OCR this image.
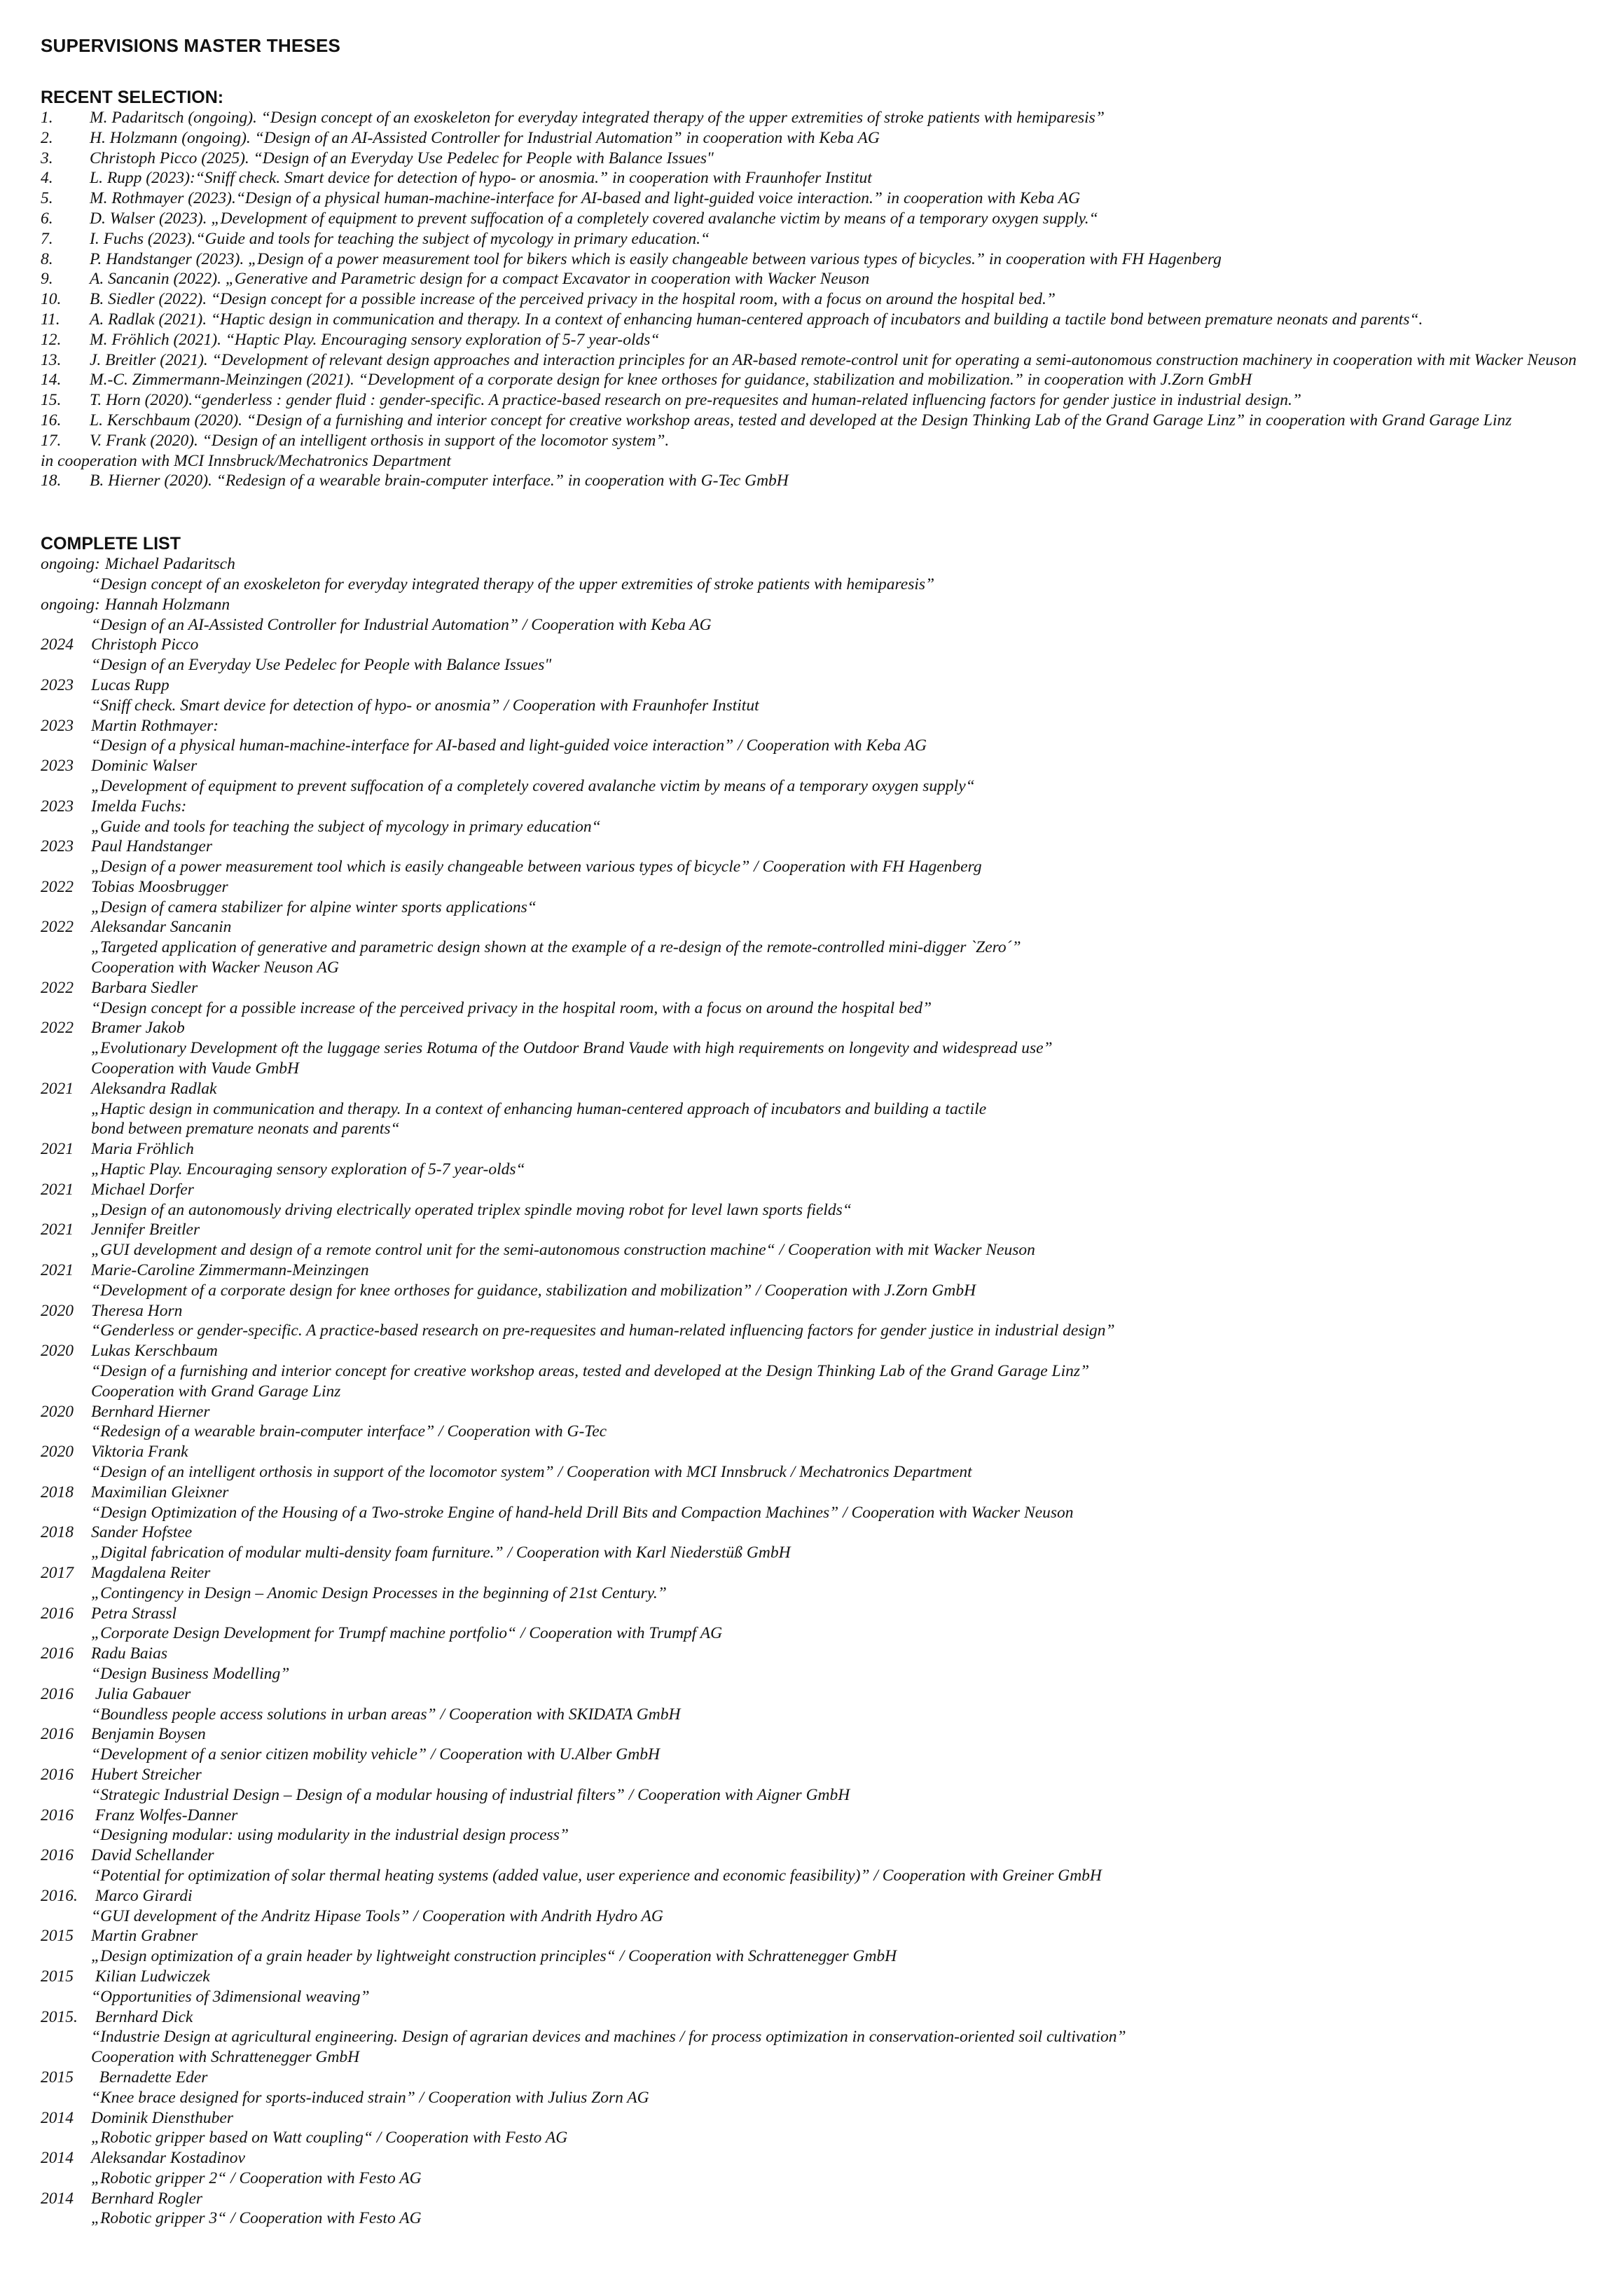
SUPERVISIONS MASTER THESES
RECENT SELECTION:
1.	M. Padaritsch (ongoing). “Design concept of an exoskeleton for everyday integrated therapy of the upper extremities of stroke patients with hemiparesis”
2.	H. Holzmann (ongoing). “Design of an AI-Assisted Controller for Industrial Automation” in cooperation with Keba AG
3.	Christoph Picco (2025). “Design of an Everyday Use Pedelec for People with Balance Issues"
4.	L. Rupp (2023):“Sniff check. Smart device for detection of hypo- or anosmia.” in cooperation with Fraunhofer Institut
5.	M. Rothmayer (2023).“Design of a physical human-machine-interface for AI-based and light-guided voice interaction.” in cooperation with Keba AG
6.	D. Walser (2023). „Development of equipment to prevent suffocation of a completely covered avalanche victim by means of a temporary oxygen supply.“
7.	I. Fuchs (2023).“Guide and tools for teaching the subject of mycology in primary education.“
8.	P. Handstanger (2023). „Design of a power measurement tool for bikers which is easily changeable between various types of bicycles.” in cooperation with FH Hagenberg
9.	A. Sancanin (2022). „Generative and Parametric design for a compact Excavator in cooperation with Wacker Neuson
10.	B. Siedler (2022). “Design concept for a possible increase of the perceived privacy in the hospital room, with a focus on around the hospital bed.”
11.	A. Radlak (2021). “Haptic design in communication and therapy. In a context of enhancing human-centered approach of incubators and building a tactile bond between premature neonats and parents“.
12.	M. Fröhlich (2021). “Haptic Play. Encouraging sensory exploration of 5-7 year-olds“
13.	J. Breitler (2021). “Development of relevant design approaches and interaction principles for an AR-based remote-control unit for operating a semi-autonomous construction machinery in cooperation with mit Wacker Neuson
14.	M.-C. Zimmermann-Meinzingen (2021). “Development of a corporate design for knee orthoses for guidance, stabilization and mobilization.” in cooperation with J.Zorn GmbH
15.	T. Horn (2020).“genderless : gender fluid : gender-specific. A practice-based research on pre-requesites and human-related influencing factors for gender justice in industrial design.”
16.	L. Kerschbaum (2020). “Design of a furnishing and interior concept for creative workshop areas, tested and developed at the Design Thinking Lab of the Grand Garage Linz” in cooperation with Grand Garage Linz
17.	V. Frank (2020). “Design of an intelligent orthosis in support of the locomotor system”.
in cooperation with MCI Innsbruck/Mechatronics Department
18.	B. Hierner (2020). “Redesign of a wearable brain-computer interface.” in cooperation with G-Tec GmbH
COMPLETE LIST
ongoing: Michael Padaritsch
“Design concept of an exoskeleton for everyday integrated therapy of the upper extremities of stroke patients with hemiparesis”
ongoing: Hannah Holzmann
“Design of an AI-Assisted Controller for Industrial Automation” / Cooperation with Keba AG
2024	Christoph Picco
“Design of an Everyday Use Pedelec for People with Balance Issues"
2023	Lucas Rupp
“Sniff check. Smart device for detection of hypo- or anosmia” / Cooperation with Fraunhofer Institut
2023	Martin Rothmayer:
“Design of a physical human-machine-interface for AI-based and light-guided voice interaction” / Cooperation with Keba AG
2023	Dominic Walser
„Development of equipment to prevent suffocation of a completely covered avalanche victim by means of a temporary oxygen supply“
2023	Imelda Fuchs:
„Guide and tools for teaching the subject of mycology in primary education“
2023	Paul Handstanger
„Design of a power measurement tool which is easily changeable between various types of bicycle” / Cooperation with FH Hagenberg
2022	Tobias Moosbrugger
„Design of camera stabilizer for alpine winter sports applications“
2022	Aleksandar Sancanin
„Targeted application of generative and parametric design shown at the example of a re-design of the remote-controlled mini-digger `Zero´”
Cooperation with Wacker Neuson AG
2022	Barbara Siedler
“Design concept for a possible increase of the perceived privacy in the hospital room, with a focus on around the hospital bed”
2022	Bramer Jakob
„Evolutionary Development oft the luggage series Rotuma of the Outdoor Brand Vaude with high requirements on longevity and widespread use”
Cooperation with Vaude GmbH
2021	Aleksandra Radlak
„Haptic design in communication and therapy. In a context of enhancing human-centered approach of incubators and building a tactile
bond between premature neonats and parents“
2021	Maria Fröhlich
„Haptic Play. Encouraging sensory exploration of 5-7 year-olds“
2021	Michael Dorfer
„Design of an autonomously driving electrically operated triplex spindle moving robot for level lawn sports fields“
2021	Jennifer Breitler
„GUI development and design of a remote control unit for the semi-autonomous construction machine“ / Cooperation with mit Wacker Neuson
2021	Marie-Caroline Zimmermann-Meinzingen
“Development of a corporate design for knee orthoses for guidance, stabilization and mobilization” / Cooperation with J.Zorn GmbH
2020	Theresa Horn
“Genderless or gender-specific. A practice-based research on pre-requesites and human-related influencing factors for gender justice in industrial design”
2020	Lukas Kerschbaum
“Design of a furnishing and interior concept for creative workshop areas, tested and developed at the Design Thinking Lab of the Grand Garage Linz”
Cooperation with Grand Garage Linz
2020	Bernhard Hierner
“Redesign of a wearable brain-computer interface” / Cooperation with G-Tec
2020	Viktoria Frank
“Design of an intelligent orthosis in support of the locomotor system” / Cooperation with MCI Innsbruck / Mechatronics Department
2018	Maximilian Gleixner
“Design Optimization of the Housing of a Two-stroke Engine of hand-held Drill Bits and Compaction Machines” / Cooperation with Wacker Neuson
2018	Sander Hofstee
„Digital fabrication of modular multi-density foam furniture.” / Cooperation with Karl Niederstüß GmbH
2017	Magdalena Reiter
„Contingency in Design – Anomic Design Processes in the beginning of 21st Century.”
2016	Petra Strassl
„Corporate Design Development for Trumpf machine portfolio“ / Cooperation with Trumpf AG
2016	Radu Baias
“Design Business Modelling”
2016	Julia Gabauer
“Boundless people access solutions in urban areas” / Cooperation with SKIDATA GmbH
2016	Benjamin Boysen
“Development of a senior citizen mobility vehicle” / Cooperation with U.Alber GmbH
2016	Hubert Streicher
“Strategic Industrial Design – Design of a modular housing of industrial filters” / Cooperation with Aigner GmbH
2016	Franz Wolfes-Danner
“Designing modular: using modularity in the industrial design process”
2016	David Schellander
“Potential for optimization of solar thermal heating systems (added value, user experience and economic feasibility)” / Cooperation with Greiner GmbH
2016. Marco Girardi
“GUI development of the Andritz Hipase Tools” / Cooperation with Andrith Hydro AG
2015	Martin Grabner
„Design optimization of a grain header by lightweight construction principles“ / Cooperation with Schrattenegger GmbH
2015	Kilian Ludwiczek
“Opportunities of 3dimensional weaving”
2015. Bernhard Dick
“Industrie Design at agricultural engineering. Design of agrarian devices and machines / for process optimization in conservation-oriented soil cultivation”
Cooperation with Schrattenegger GmbH
2015	Bernadette Eder
“Knee brace designed for sports-induced strain” / Cooperation with Julius Zorn AG
2014	Dominik Diensthuber
„Robotic gripper based on Watt coupling“ / Cooperation with Festo AG
2014	Aleksandar Kostadinov
„Robotic gripper 2“ / Cooperation with Festo AG
2014	Bernhard Rogler
„Robotic gripper 3“ / Cooperation with Festo AG
